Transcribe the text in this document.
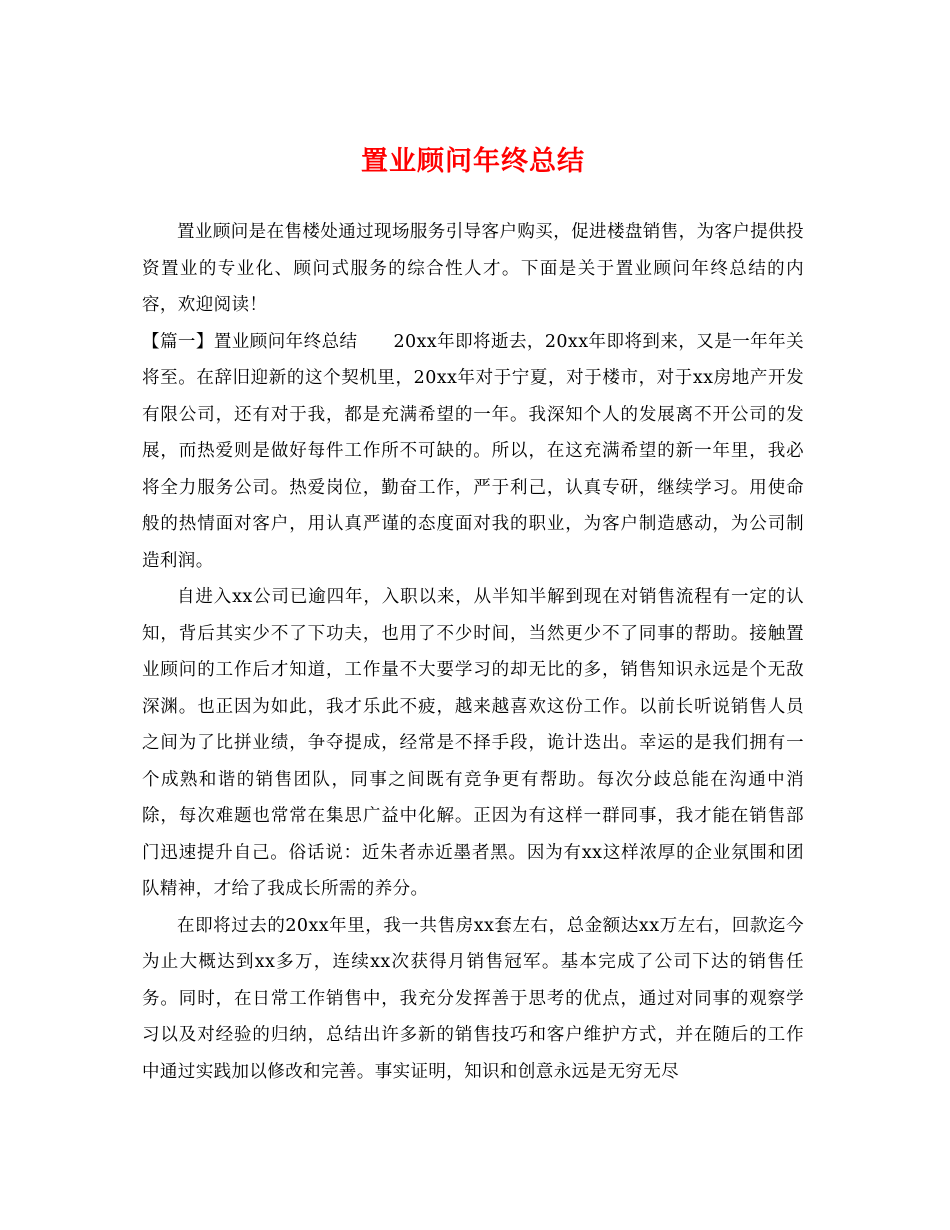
置业顾问年终总结

置业顾问是在售楼处通过现场服务引导客户购买，促进楼盘销售，为客户提供投资置业的专业化、顾问式服务的综合性人才。下面是关于置业顾问年终总结的内容，欢迎阅读！

【篇一】置业顾问年终总结　　20xx年即将逝去，20xx年即将到来，又是一年年关将至。在辞旧迎新的这个契机里，20xx年对于宁夏，对于楼市，对于xx房地产开发有限公司，还有对于我，都是充满希望的一年。我深知个人的发展离不开公司的发展，而热爱则是做好每件工作所不可缺的。所以，在这充满希望的新一年里，我必将全力服务公司。热爱岗位，勤奋工作，严于利己，认真专研，继续学习。用使命般的热情面对客户，用认真严谨的态度面对我的职业，为客户制造感动，为公司制造利润。

自进入xx公司已逾四年，入职以来，从半知半解到现在对销售流程有一定的认知，背后其实少不了下功夫，也用了不少时间，当然更少不了同事的帮助。接触置业顾问的工作后才知道，工作量不大要学习的却无比的多，销售知识永远是个无敌深渊。也正因为如此，我才乐此不疲，越来越喜欢这份工作。以前长听说销售人员之间为了比拼业绩，争夺提成，经常是不择手段，诡计迭出。幸运的是我们拥有一个成熟和谐的销售团队，同事之间既有竞争更有帮助。每次分歧总能在沟通中消除，每次难题也常常在集思广益中化解。正因为有这样一群同事，我才能在销售部门迅速提升自己。俗话说：近朱者赤近墨者黑。因为有xx这样浓厚的企业氛围和团队精神，才给了我成长所需的养分。

在即将过去的20xx年里，我一共售房xx套左右，总金额达xx万左右，回款迄今为止大概达到xx多万，连续xx次获得月销售冠军。基本完成了公司下达的销售任务。同时，在日常工作销售中，我充分发挥善于思考的优点，通过对同事的观察学习以及对经验的归纳，总结出许多新的销售技巧和客户维护方式，并在随后的工作中通过实践加以修改和完善。事实证明，知识和创意永远是无穷无尽
